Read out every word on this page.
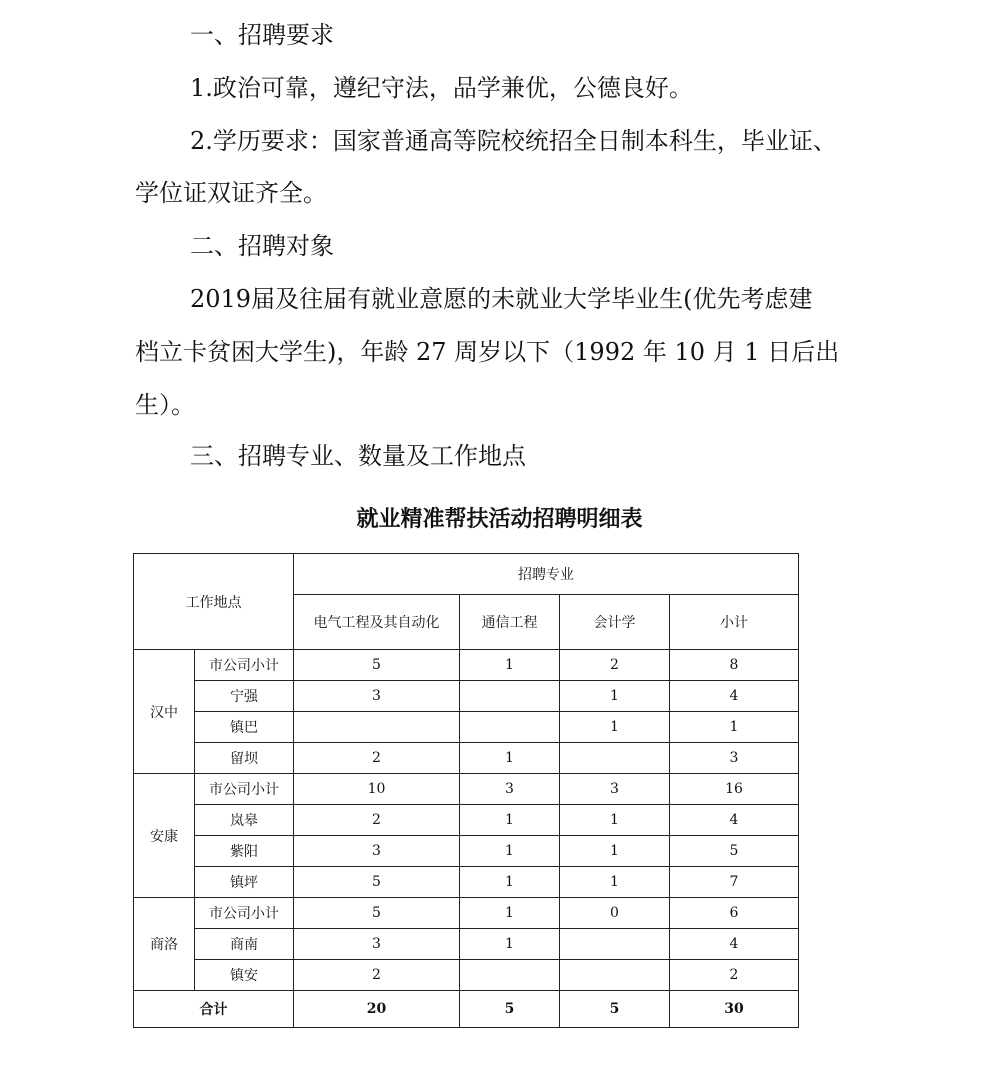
一、招聘要求
1.政治可靠，遵纪守法，品学兼优，公德良好。
2.学历要求：国家普通高等院校统招全日制本科生，毕业证、
学位证双证齐全。
二、招聘对象
2019届及往届有就业意愿的未就业大学毕业生(优先考虑建
档立卡贫困大学生)，年龄 27 周岁以下（1992 年 10 月 1 日后出
生）。
三、招聘专业、数量及工作地点
就业精准帮扶活动招聘明细表
工作地点		招聘专业			
		电气工程及其自动化	通信工程	会计学	小计
汉中	市公司小计	5	1	2	8
	宁强	3		1	4
	镇巴			1	1
	留坝	2	1		3
安康	市公司小计	10	3	3	16
	岚皋	2	1	1	4
	紫阳	3	1	1	5
	镇坪	5	1	1	7
商洛	市公司小计	5	1	0	6
	商南	3	1		4
	镇安	2			2
合计		20	5	5	30
